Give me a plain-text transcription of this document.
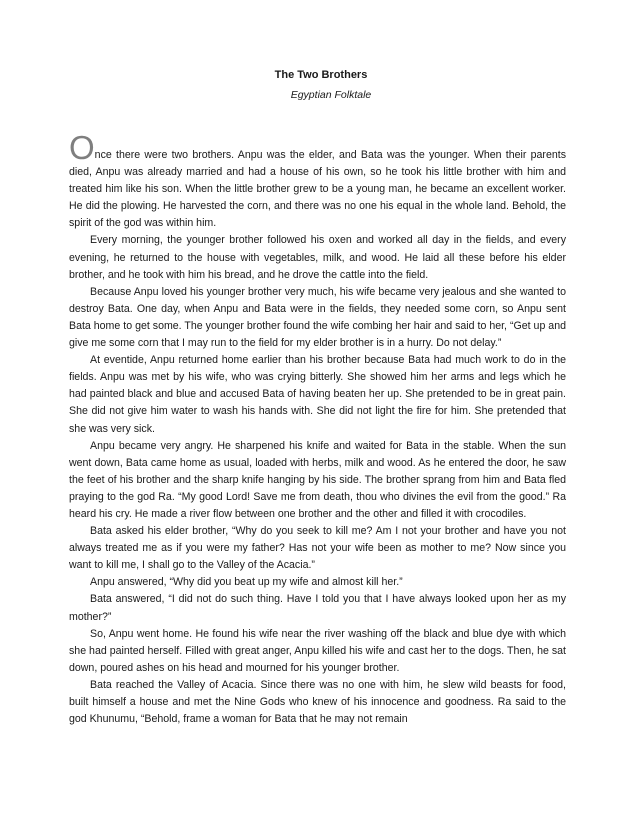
The Two Brothers
Egyptian Folktale

Once there were two brothers. Anpu was the elder, and Bata was the younger. When their parents died, Anpu was already married and had a house of his own, so he took his little brother with him and treated him like his son. When the little brother grew to be a young man, he became an excellent worker. He did the plowing. He harvested the corn, and there was no one his equal in the whole land. Behold, the spirit of the god was within him.

Every morning, the younger brother followed his oxen and worked all day in the fields, and every evening, he returned to the house with vegetables, milk, and wood. He laid all these before his elder brother, and he took with him his bread, and he drove the cattle into the field.

Because Anpu loved his younger brother very much, his wife became very jealous and she wanted to destroy Bata. One day, when Anpu and Bata were in the fields, they needed some corn, so Anpu sent Bata home to get some. The younger brother found the wife combing her hair and said to her, “Get up and give me some corn that I may run to the field for my elder brother is in a hurry. Do not delay.”

At eventide, Anpu returned home earlier than his brother because Bata had much work to do in the fields. Anpu was met by his wife, who was crying bitterly. She showed him her arms and legs which he had painted black and blue and accused Bata of having beaten her up. She pretended to be in great pain. She did not give him water to wash his hands with. She did not light the fire for him. She pretended that she was very sick.

Anpu became very angry. He sharpened his knife and waited for Bata in the stable. When the sun went down, Bata came home as usual, loaded with herbs, milk and wood. As he entered the door, he saw the feet of his brother and the sharp knife hanging by his side. The brother sprang from him and Bata fled praying to the god Ra. “My good Lord! Save me from death, thou who divines the evil from the good.” Ra heard his cry. He made a river flow between one brother and the other and filled it with crocodiles.

Bata asked his elder brother, “Why do you seek to kill me? Am I not your brother and have you not always treated me as if you were my father? Has not your wife been as mother to me? Now since you want to kill me, I shall go to the Valley of the Acacia.”

Anpu answered, “Why did you beat up my wife and almost kill her.”

Bata answered, “I did not do such thing. Have I told you that I have always looked upon her as my mother?”

So, Anpu went home. He found his wife near the river washing off the black and blue dye with which she had painted herself. Filled with great anger, Anpu killed his wife and cast her to the dogs. Then, he sat down, poured ashes on his head and mourned for his younger brother.

Bata reached the Valley of Acacia. Since there was no one with him, he slew wild beasts for food, built himself a house and met the Nine Gods who knew of his innocence and goodness. Ra said to the god Khunumu, “Behold, frame a woman for Bata that he may not remain
